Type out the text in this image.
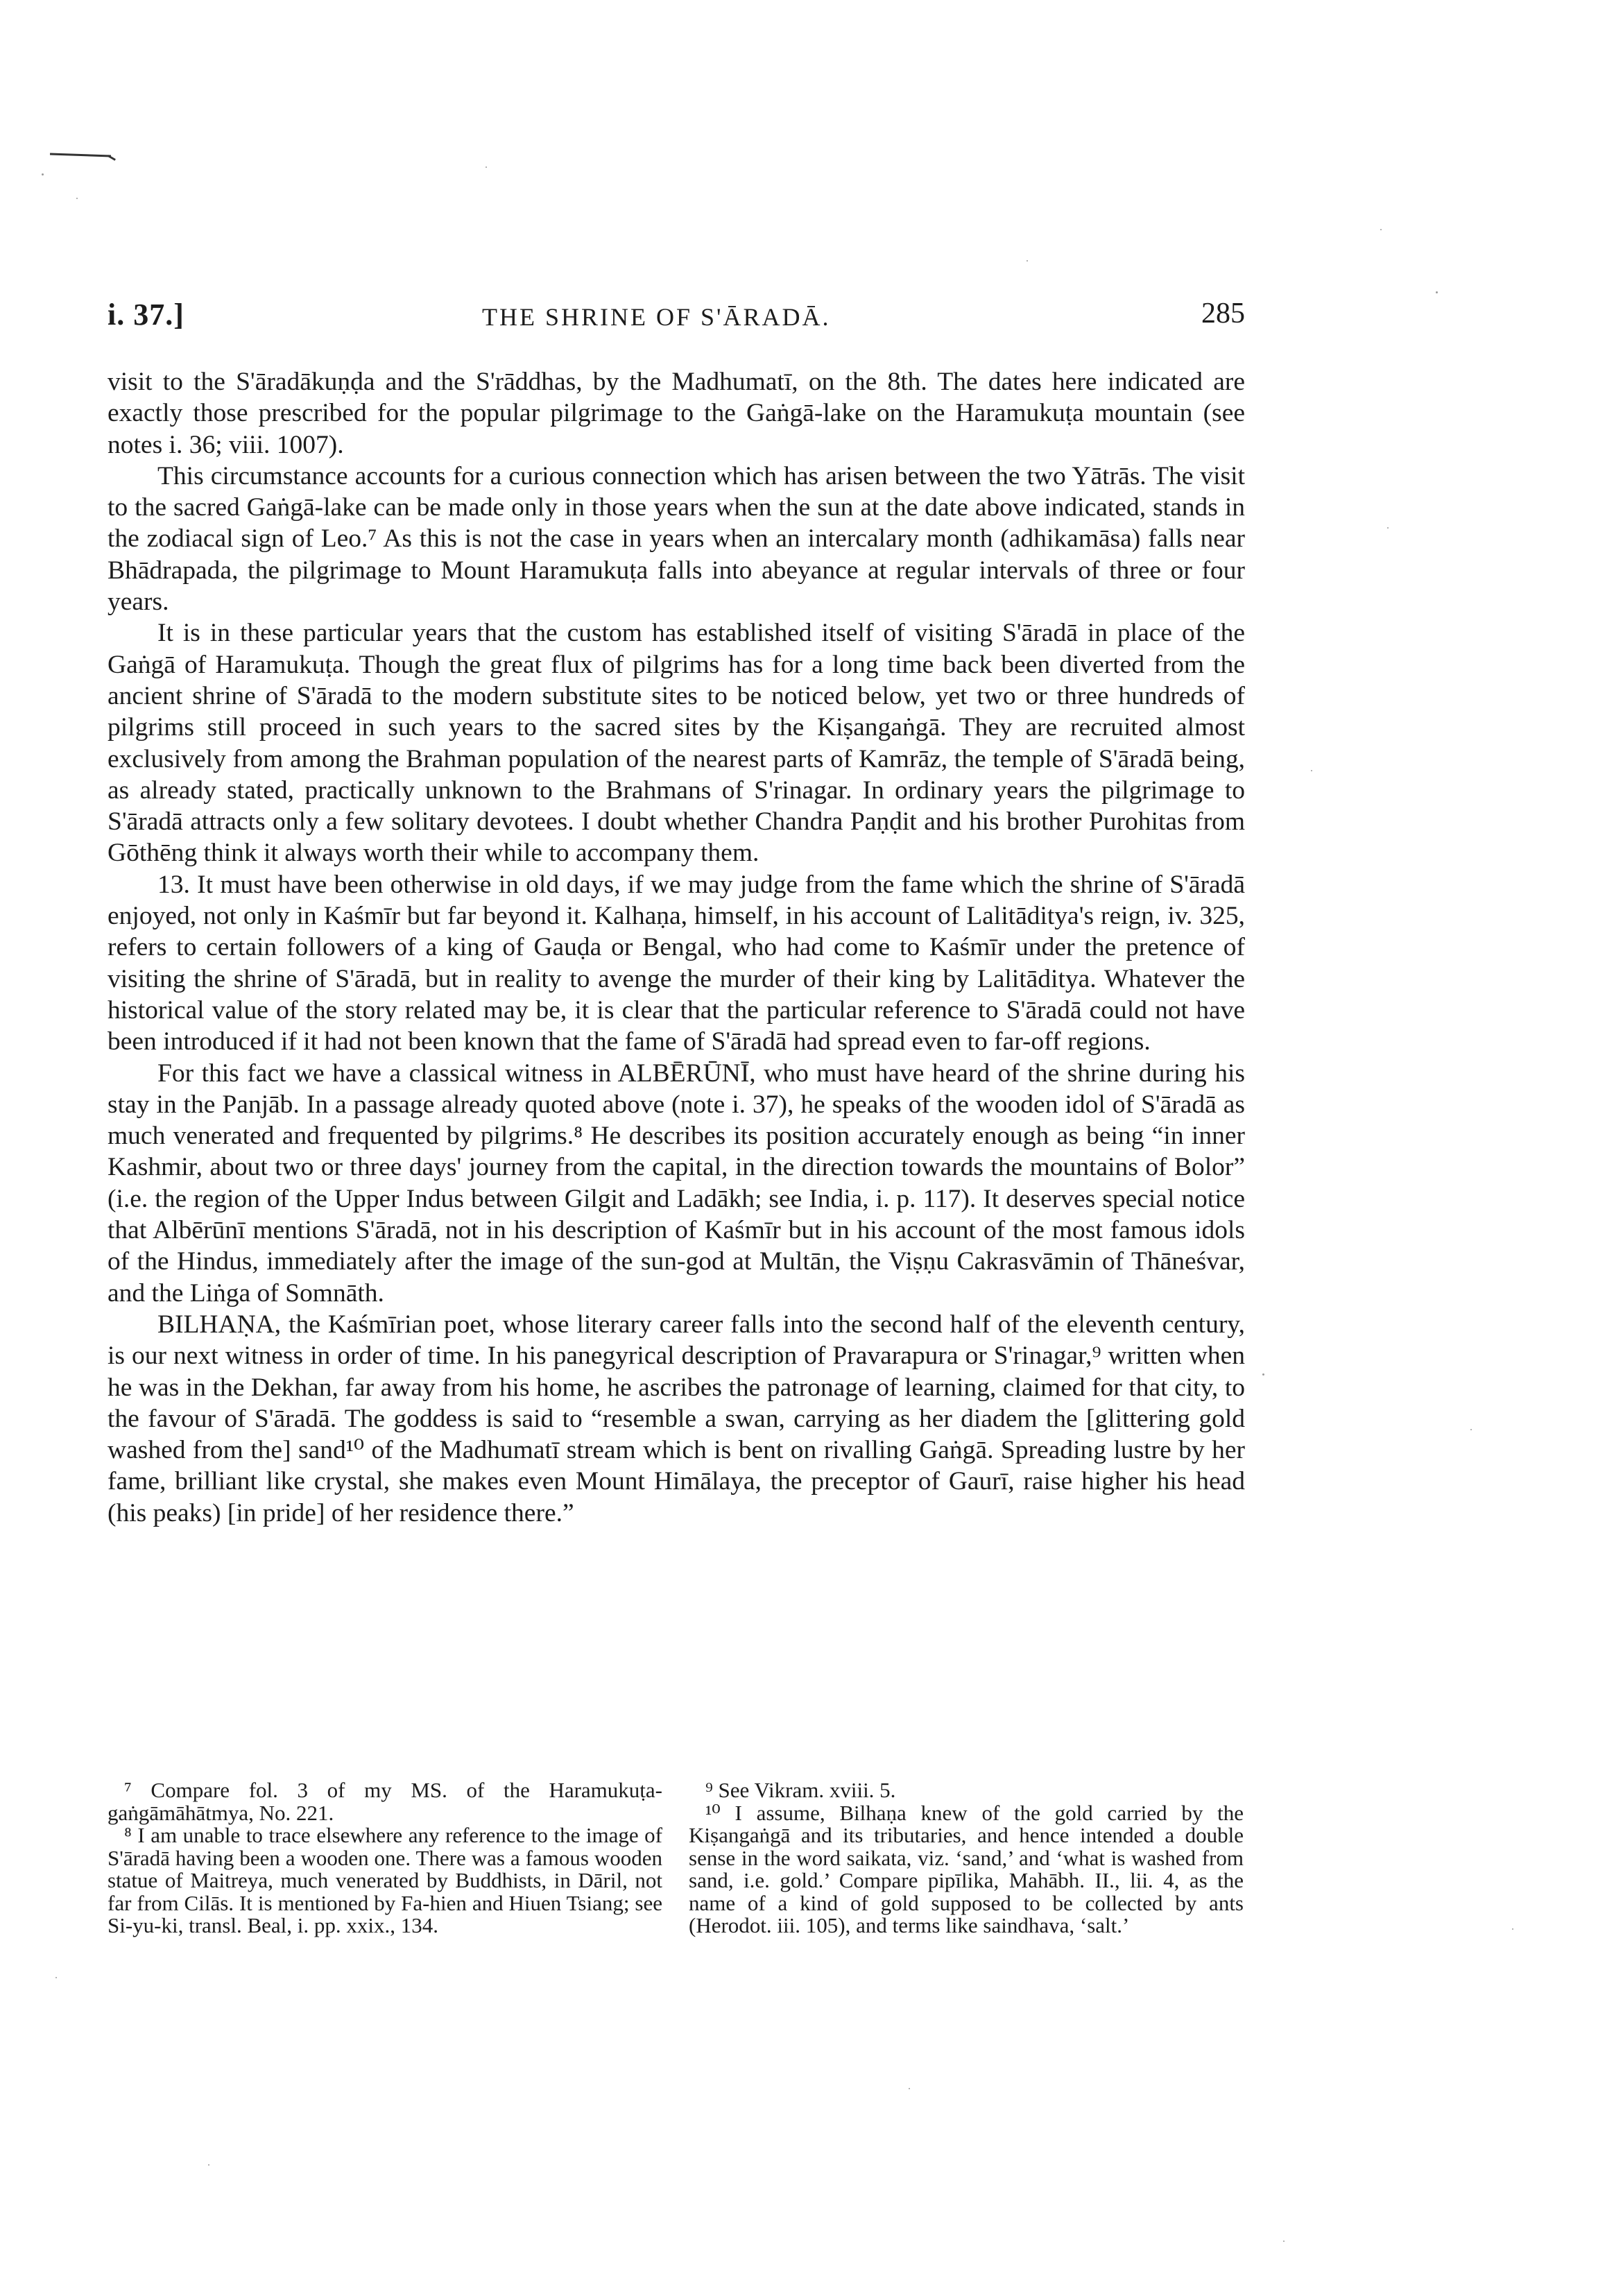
i. 37.]	THE SHRINE OF S'ĀRADĀ.	285

visit to the S'āradākuṇḍa and the S'rāddhas, by the Madhumatī, on the 8th. The dates here indicated are exactly those prescribed for the popular pilgrimage to the Gaṅgā-lake on the Haramukuṭa mountain (see notes i. 36; viii. 1007).

This circumstance accounts for a curious connection which has arisen between the two Yātrās. The visit to the sacred Gaṅgā-lake can be made only in those years when the sun at the date above indicated, stands in the zodiacal sign of Leo.⁷ As this is not the case in years when an intercalary month (adhikamāsa) falls near Bhādrapada, the pilgrimage to Mount Haramukuṭa falls into abeyance at regular intervals of three or four years.

It is in these particular years that the custom has established itself of visiting S'āradā in place of the Gaṅgā of Haramukuṭa. Though the great flux of pilgrims has for a long time back been diverted from the ancient shrine of S'āradā to the modern substitute sites to be noticed below, yet two or three hundreds of pilgrims still proceed in such years to the sacred sites by the Kiṣangaṅgā. They are recruited almost exclusively from among the Brahman population of the nearest parts of Kamrāz, the temple of S'āradā being, as already stated, practically unknown to the Brahmans of S'rinagar. In ordinary years the pilgrimage to S'āradā attracts only a few solitary devotees. I doubt whether Chandra Paṇḍit and his brother Purohitas from Gōthēng think it always worth their while to accompany them.

13. It must have been otherwise in old days, if we may judge from the fame which the shrine of S'āradā enjoyed, not only in Kaśmīr but far beyond it. Kalhaṇa, himself, in his account of Lalitāditya's reign, iv. 325, refers to certain followers of a king of Gauḍa or Bengal, who had come to Kaśmīr under the pretence of visiting the shrine of S'āradā, but in reality to avenge the murder of their king by Lalitāditya. Whatever the historical value of the story related may be, it is clear that the particular reference to S'āradā could not have been introduced if it had not been known that the fame of S'āradā had spread even to far-off regions.

For this fact we have a classical witness in ALBĒRŪNĪ, who must have heard of the shrine during his stay in the Panjāb. In a passage already quoted above (note i. 37), he speaks of the wooden idol of S'āradā as much venerated and frequented by pilgrims.⁸ He describes its position accurately enough as being “in inner Kashmir, about two or three days' journey from the capital, in the direction towards the mountains of Bolor” (i.e. the region of the Upper Indus between Gilgit and Ladākh; see India, i. p. 117). It deserves special notice that Albērūnī mentions S'āradā, not in his description of Kaśmīr but in his account of the most famous idols of the Hindus, immediately after the image of the sun-god at Multān, the Viṣṇu Cakrasvāmin of Thāneśvar, and the Liṅga of Somnāth.

BILHAṆA, the Kaśmīrian poet, whose literary career falls into the second half of the eleventh century, is our next witness in order of time. In his panegyrical description of Pravarapura or S'rinagar,⁹ written when he was in the Dekhan, far away from his home, he ascribes the patronage of learning, claimed for that city, to the favour of S'āradā. The goddess is said to “resemble a swan, carrying as her diadem the [glittering gold washed from the] sand¹⁰ of the Madhumatī stream which is bent on rivalling Gaṅgā. Spreading lustre by her fame, brilliant like crystal, she makes even Mount Himālaya, the preceptor of Gaurī, raise higher his head (his peaks) [in pride] of her residence there.”

⁷ Compare fol. 3 of my MS. of the Haramukuṭa-gaṅgāmāhātmya, No. 221.

⁸ I am unable to trace elsewhere any reference to the image of S'āradā having been a wooden one. There was a famous wooden statue of Maitreya, much venerated by Buddhists, in Dāril, not far from Cilās. It is mentioned by Fa-hien and Hiuen Tsiang; see Si-yu-ki, transl. Beal, i. pp. xxix., 134.

⁹ See Vikram. xviii. 5.

¹⁰ I assume, Bilhaṇa knew of the gold carried by the Kiṣangaṅgā and its tributaries, and hence intended a double sense in the word saikata, viz. ‘sand,’ and ‘what is washed from sand, i.e. gold.’ Compare pipīlika, Mahābh. II., lii. 4, as the name of a kind of gold supposed to be collected by ants (Herodot. iii. 105), and terms like saindhava, ‘salt.’
